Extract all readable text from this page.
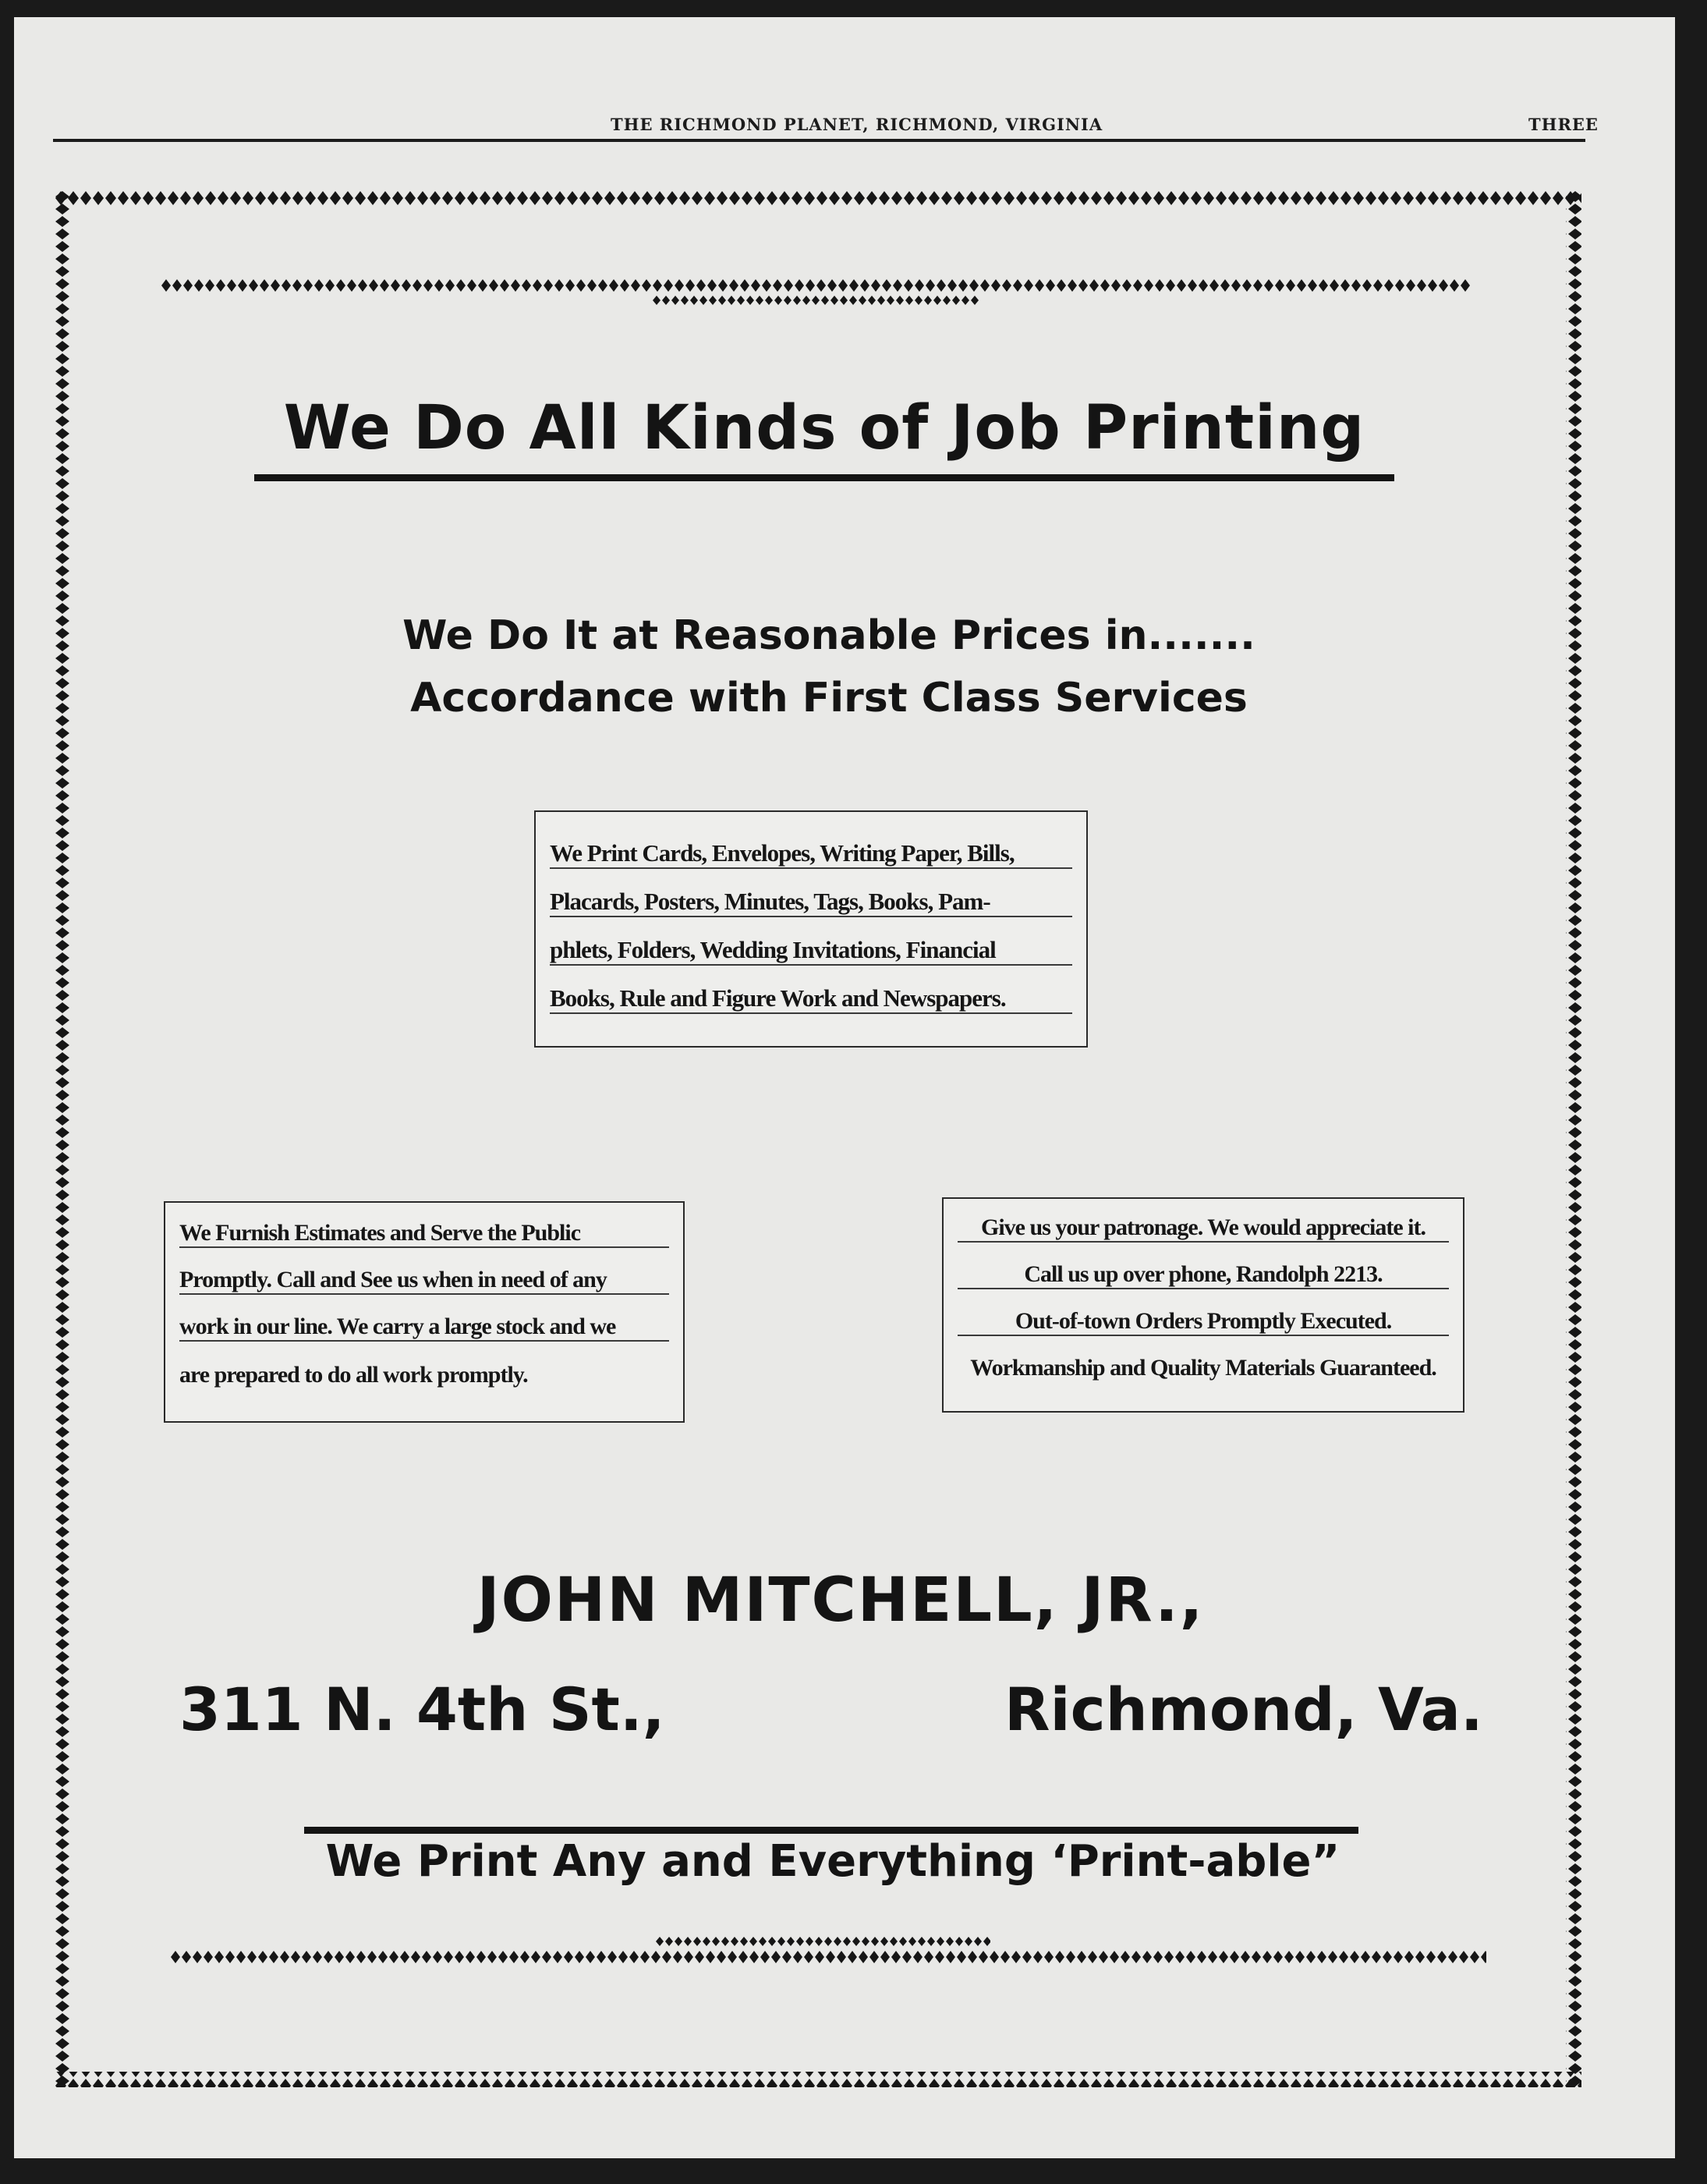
THE RICHMOND PLANET, RICHMOND, VIRGINIA	THREE
We Do All Kinds of Job Printing
We Do It at Reasonable Prices in.......
Accordance with First Class Services
We Print Cards, Envelopes, Writing Paper, Bills,
Placards, Posters, Minutes, Tags, Books, Pam-
phlets, Folders, Wedding Invitations, Financial
Books, Rule and Figure Work and Newspapers.
We Furnish Estimates and Serve the Public
Promptly. Call and See us when in need of any
work in our line. We carry a large stock and we
are prepared to do all work promptly.
Give us your patronage. We would appreciate it.
Call us up over phone, Randolph 2213.
Out-of-town Orders Promptly Executed.
Workmanship and Quality Materials Guaranteed.
JOHN MITCHELL, JR.,
311 N. 4th St.,	Richmond, Va.
We Print Any and Everything ‘Print-able”
